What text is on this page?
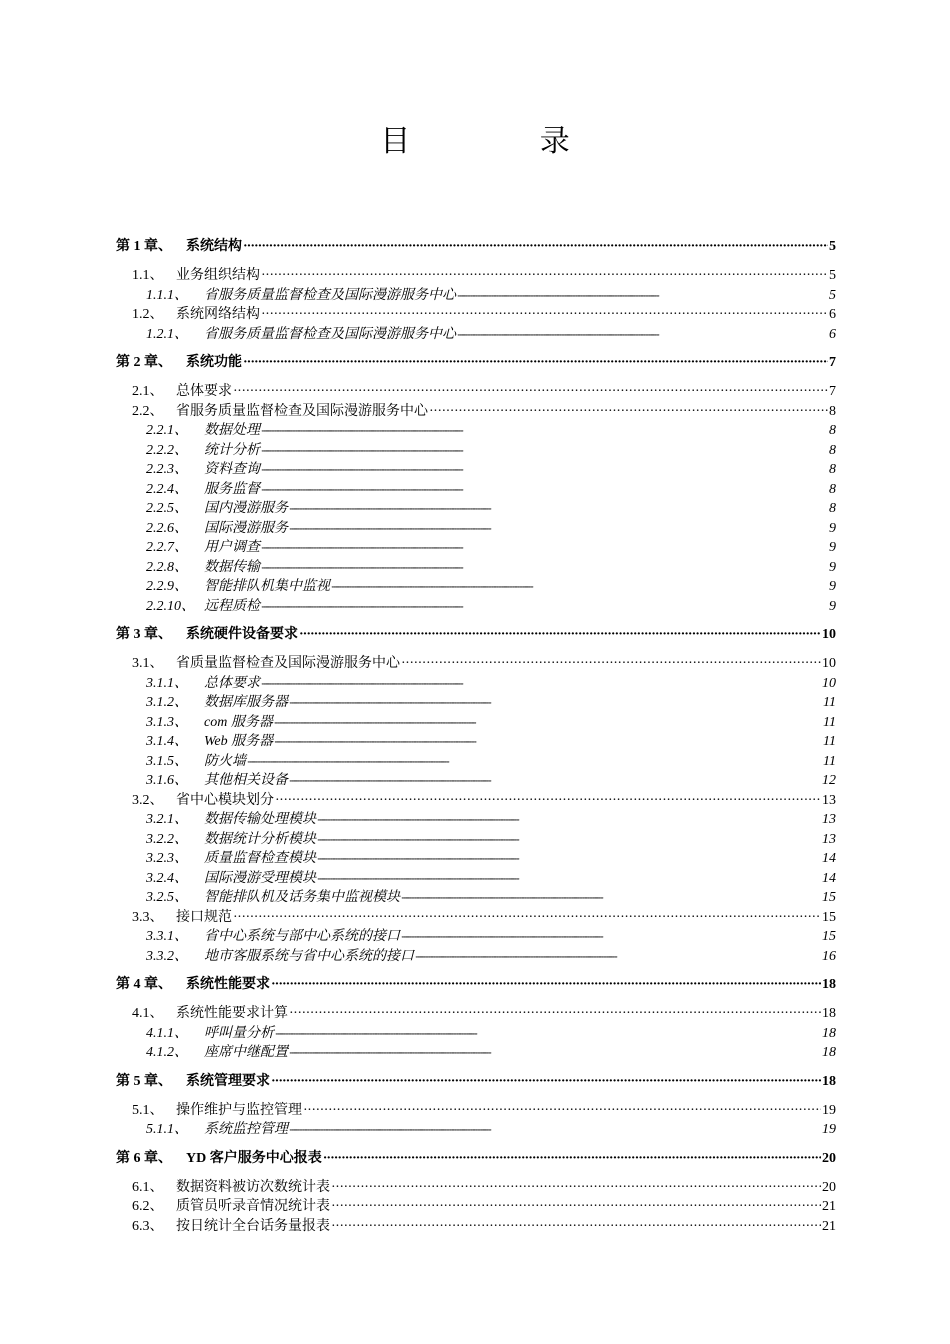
目 录
第 1 章、	系统结构 ·····	5
1.1、 业务组织结构 ·····	5
1.1.1、	省服务质量监督检查及国际漫游服务中心 ·····	5
1.2、 系统网络结构 ·····	6
1.2.1、	省服务质量监督检查及国际漫游服务中心 ·····	6
第 2 章、	系统功能 ·····	7
2.1、 总体要求 ·····	7
2.2、 省服务质量监督检查及国际漫游服务中心 ·····	8
2.2.1、	数据处理 ·····	8
2.2.2、	统计分析 ·····	8
2.2.3、	资料查询 ·····	8
2.2.4、	服务监督 ·····	8
2.2.5、	国内漫游服务 ·····	8
2.2.6、	国际漫游服务 ·····	9
2.2.7、	用户调查 ·····	9
2.2.8、	数据传输 ·····	9
2.2.9、	智能排队机集中监视 ·····	9
2.2.10、 远程质检 ·····	9
第 3 章、	系统硬件设备要求 ·····	10
3.1、 省质量监督检查及国际漫游服务中心 ·····	10
3.1.1、	总体要求 ·····	10
3.1.2、	数据库服务器 ·····	11
3.1.3、	com 服务器 ·····	11
3.1.4、	Web 服务器 ·····	11
3.1.5、	防火墙 ·····	11
3.1.6、	其他相关设备 ·····	12
3.2、 省中心模块划分 ·····	13
3.2.1、	数据传输处理模块 ·····	13
3.2.2、	数据统计分析模块 ·····	13
3.2.3、	质量监督检查模块 ·····	14
3.2.4、	国际漫游受理模块 ·····	14
3.2.5、	智能排队机及话务集中监视模块 ·····	15
3.3、 接口规范 ·····	15
3.3.1、	省中心系统与部中心系统的接口 ·····	15
3.3.2、	地市客服系统与省中心系统的接口 ·····	16
第 4 章、	系统性能要求 ·····	18
4.1、 系统性能要求计算 ·····	18
4.1.1、	呼叫量分析 ·····	18
4.1.2、	座席中继配置 ·····	18
第 5 章、	系统管理要求 ·····	18
5.1、 操作维护与监控管理 ·····	19
5.1.1、	系统监控管理 ·····	19
第 6 章、	YD 客户服务中心报表 ·····	20
6.1、 数据资料被访次数统计表 ·····	20
6.2、 质管员听录音情况统计表 ·····	21
6.3、 按日统计全台话务量报表 ·····	21
